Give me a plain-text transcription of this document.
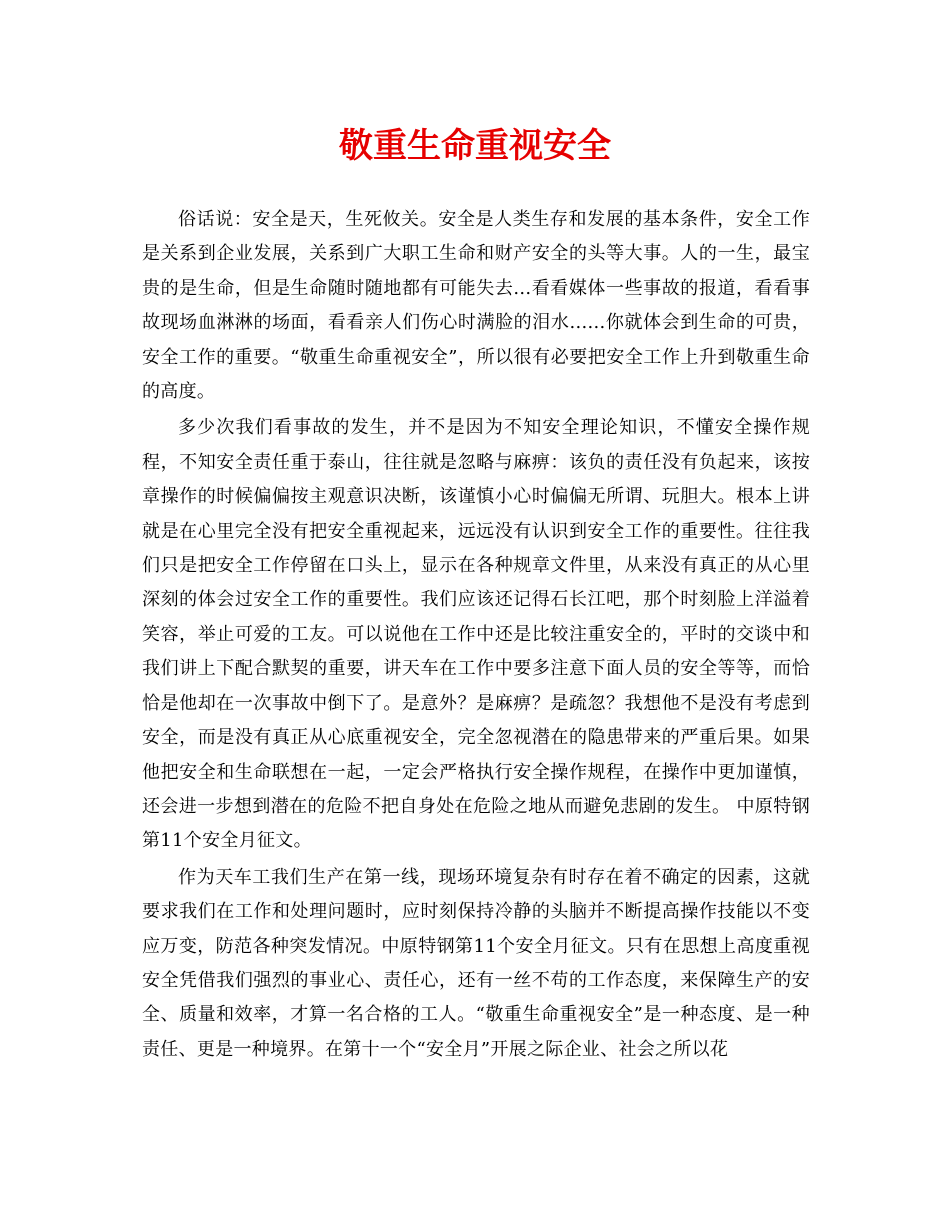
敬重生命重视安全

俗话说：安全是天，生死攸关。安全是人类生存和发展的基本条件，安全工作是关系到企业发展，关系到广大职工生命和财产安全的头等大事。人的一生，最宝贵的是生命，但是生命随时随地都有可能失去...看看媒体一些事故的报道，看看事故现场血淋淋的场面，看看亲人们伤心时满脸的泪水......你就体会到生命的可贵，安全工作的重要。“敬重生命重视安全”，所以很有必要把安全工作上升到敬重生命的高度。

多少次我们看事故的发生，并不是因为不知安全理论知识，不懂安全操作规程，不知安全责任重于泰山，往往就是忽略与麻痹：该负的责任没有负起来，该按章操作的时候偏偏按主观意识决断，该谨慎小心时偏偏无所谓、玩胆大。根本上讲就是在心里完全没有把安全重视起来，远远没有认识到安全工作的重要性。往往我们只是把安全工作停留在口头上，显示在各种规章文件里，从来没有真正的从心里深刻的体会过安全工作的重要性。我们应该还记得石长江吧，那个时刻脸上洋溢着笑容，举止可爱的工友。可以说他在工作中还是比较注重安全的，平时的交谈中和我们讲上下配合默契的重要，讲天车在工作中要多注意下面人员的安全等等，而恰恰是他却在一次事故中倒下了。是意外？是麻痹？是疏忽？我想他不是没有考虑到安全，而是没有真正从心底重视安全，完全忽视潜在的隐患带来的严重后果。如果他把安全和生命联想在一起，一定会严格执行安全操作规程，在操作中更加谨慎，还会进一步想到潜在的危险不把自身处在危险之地从而避免悲剧的发生。 中原特钢第11个安全月征文。

作为天车工我们生产在第一线，现场环境复杂有时存在着不确定的因素，这就要求我们在工作和处理问题时，应时刻保持冷静的头脑并不断提高操作技能以不变应万变，防范各种突发情况。中原特钢第11个安全月征文。只有在思想上高度重视安全凭借我们强烈的事业心、责任心，还有一丝不苟的工作态度，来保障生产的安全、质量和效率，才算一名合格的工人。“敬重生命重视安全”是一种态度、是一种责任、更是一种境界。在第十一个“安全月”开展之际企业、社会之所以花
